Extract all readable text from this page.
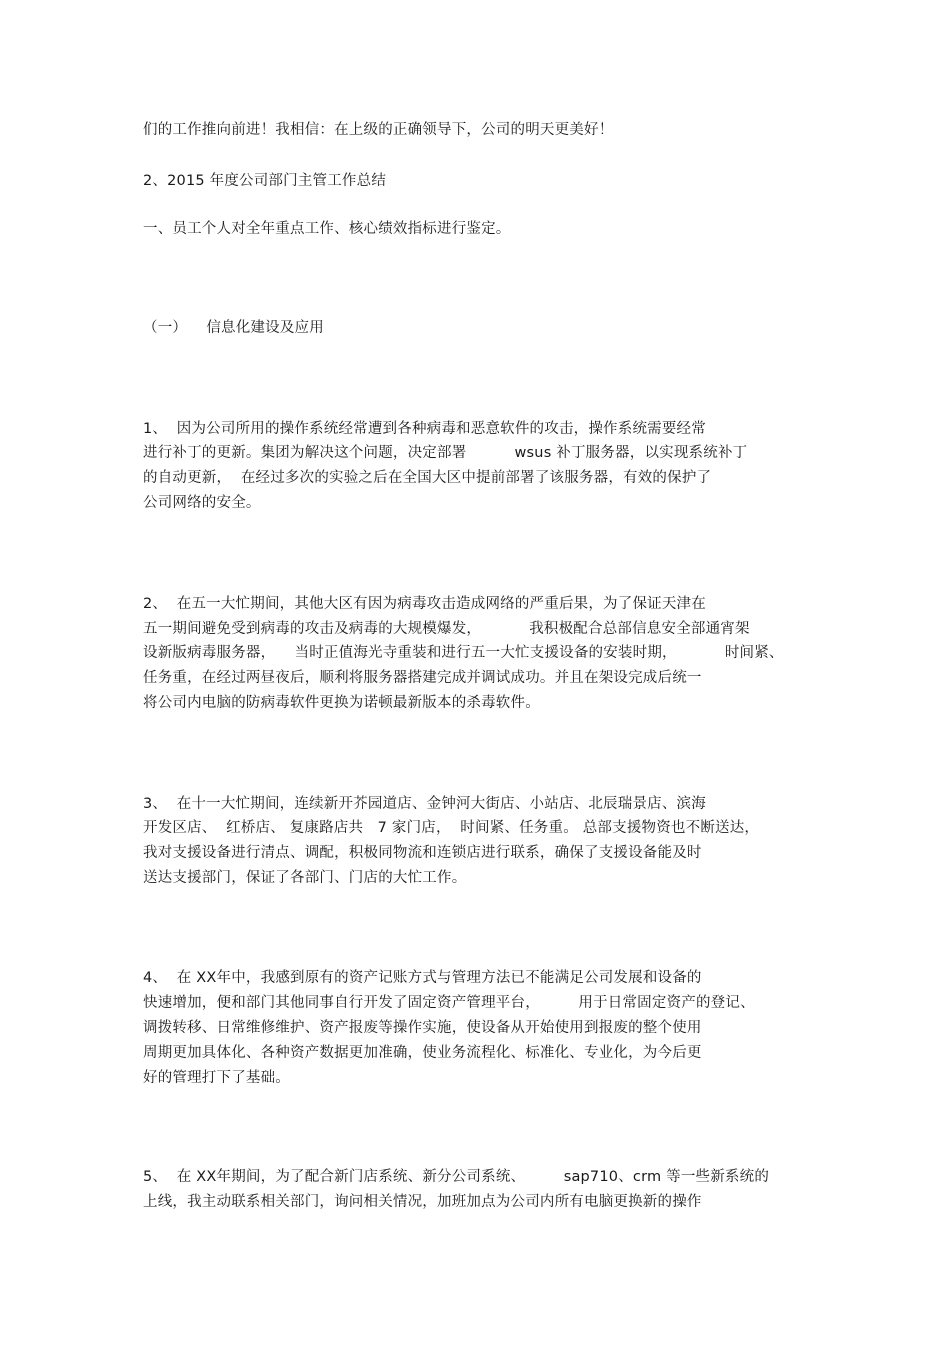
们的工作推向前进！我相信：在上级的正确领导下，公司的明天更美好！
2、2015 年度公司部门主管工作总结
一、员工个人对全年重点工作、核心绩效指标进行鉴定。
（一）    信息化建设及应用
1、  因为公司所用的操作系统经常遭到各种病毒和恶意软件的攻击，操作系统需要经常
进行补丁的更新。集团为解决这个问题，决定部署          wsus 补丁服务器，以实现系统补丁
的自动更新，  在经过多次的实验之后在全国大区中提前部署了该服务器，有效的保护了
公司网络的安全。
2、  在五一大忙期间，其他大区有因为病毒攻击造成网络的严重后果，为了保证天津在
五一期间避免受到病毒的攻击及病毒的大规模爆发，          我积极配合总部信息安全部通宵架
设新版病毒服务器，    当时正值海光寺重装和进行五一大忙支援设备的安装时期，          时间紧、
任务重，在经过两昼夜后，顺利将服务器搭建完成并调试成功。并且在架设完成后统一
将公司内电脑的防病毒软件更换为诺顿最新版本的杀毒软件。
3、  在十一大忙期间，连续新开芥园道店、金钟河大街店、小站店、北辰瑞景店、滨海
开发区店、  红桥店、 复康路店共   7 家门店，  时间紧、任务重。 总部支援物资也不断送达，
我对支援设备进行清点、调配，积极同物流和连锁店进行联系，确保了支援设备能及时
送达支援部门，保证了各部门、门店的大忙工作。
4、  在 XX年中，我感到原有的资产记账方式与管理方法已不能满足公司发展和设备的
快速增加，便和部门其他同事自行开发了固定资产管理平台，        用于日常固定资产的登记、
调拨转移、日常维修维护、资产报废等操作实施，使设备从开始使用到报废的整个使用
周期更加具体化、各种资产数据更加准确，使业务流程化、标准化、专业化，为今后更
好的管理打下了基础。
5、  在 XX年期间，为了配合新门店系统、新分公司系统、        sap710、crm 等一些新系统的
上线，我主动联系相关部门，询问相关情况，加班加点为公司内所有电脑更换新的操作
